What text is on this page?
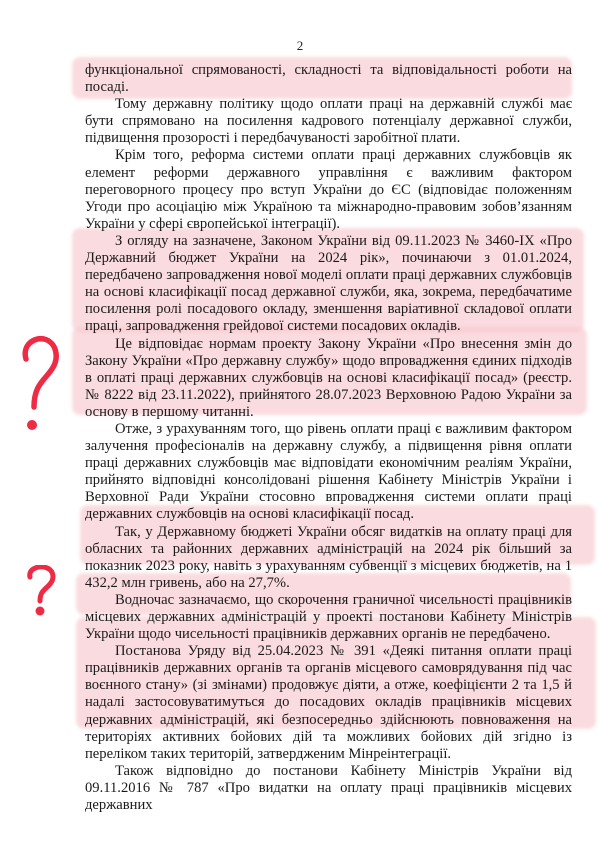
2

функціональної спрямованості, складності та відповідальності роботи на посаді.

Тому державну політику щодо оплати праці на державній службі має бути спрямовано на посилення кадрового потенціалу державної служби, підвищення прозорості і передбачуваності заробітної плати.

Крім того, реформа системи оплати праці державних службовців як елемент реформи державного управління є важливим фактором переговорного процесу про вступ України до ЄС (відповідає положенням Угоди про асоціацію між Україною та міжнародно-правовим зобов’язанням України у сфері європейської інтеграції).

З огляду на зазначене, Законом України від 09.11.2023 № 3460-IX «Про Державний бюджет України на 2024 рік», починаючи з 01.01.2024, передбачено запровадження нової моделі оплати праці державних службовців на основі класифікації посад державної служби, яка, зокрема, передбачатиме посилення ролі посадового окладу, зменшення варіативної складової оплати праці, запровадження грейдової системи посадових окладів.

Це відповідає нормам проекту Закону України «Про внесення змін до Закону України «Про державну службу» щодо впровадження єдиних підходів в оплаті праці державних службовців на основі класифікації посад» (реєстр. № 8222 від 23.11.2022), прийнятого 28.07.2023 Верховною Радою України за основу в першому читанні.

Отже, з урахуванням того, що рівень оплати праці є важливим фактором залучення професіоналів на державну службу, а підвищення рівня оплати праці державних службовців має відповідати економічним реаліям України, прийнято відповідні консолідовані рішення Кабінету Міністрів України і Верховної Ради України стосовно впровадження системи оплати праці державних службовців на основі класифікації посад.

Так, у Державному бюджеті України обсяг видатків на оплату праці для обласних та районних державних адміністрацій на 2024 рік більший за показник 2023 року, навіть з урахуванням субвенції з місцевих бюджетів, на 1 432,2 млн гривень, або на 27,7%.

Водночас зазначаємо, що скорочення граничної чисельності працівників місцевих державних адміністрацій у проекті постанови Кабінету Міністрів України щодо чисельності працівників державних органів не передбачено.

Постанова Уряду від 25.04.2023 № 391 «Деякі питання оплати праці працівників державних органів та органів місцевого самоврядування під час воєнного стану» (зі змінами) продовжує діяти, а отже, коефіцієнти 2 та 1,5 й надалі застосовуватимуться до посадових окладів працівників місцевих державних адміністрацій, які безпосередньо здійснюють повноваження на територіях активних бойових дій та можливих бойових дій згідно із переліком таких територій, затвердженим Мінреінтеграції.

Також відповідно до постанови Кабінету Міністрів України від 09.11.2016 № 787 «Про видатки на оплату праці працівників місцевих державних
